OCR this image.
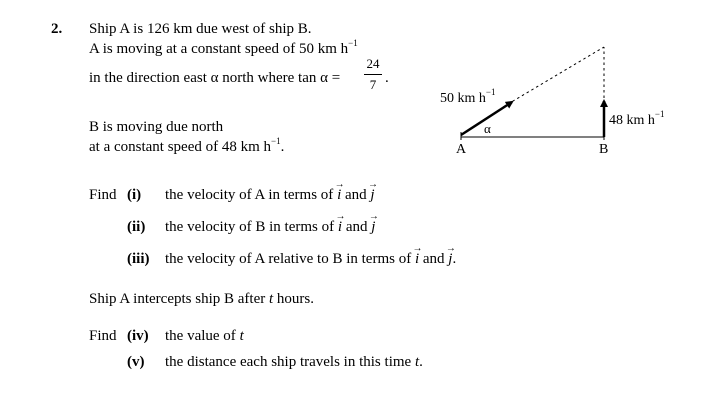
2. Ship A is 126 km due west of ship B.
A is moving at a constant speed of 50 km $h^{-1}$
in the direction east α north where tan α =
24
7 .
B is moving due north
at a constant speed of 48 km $h^{-1}$.
50 km $h^{-1}$
48 km $h^{-1}$
α
A	B
Find (i) the velocity of A in terms of → i and → j
(ii) the velocity of B in terms of → i and → j
(iii) the velocity of A relative to B in terms of → i and → j.
Ship A intercepts ship B after t hours.
Find (iv) the value of t
(v) the distance each ship travels in this time t.
